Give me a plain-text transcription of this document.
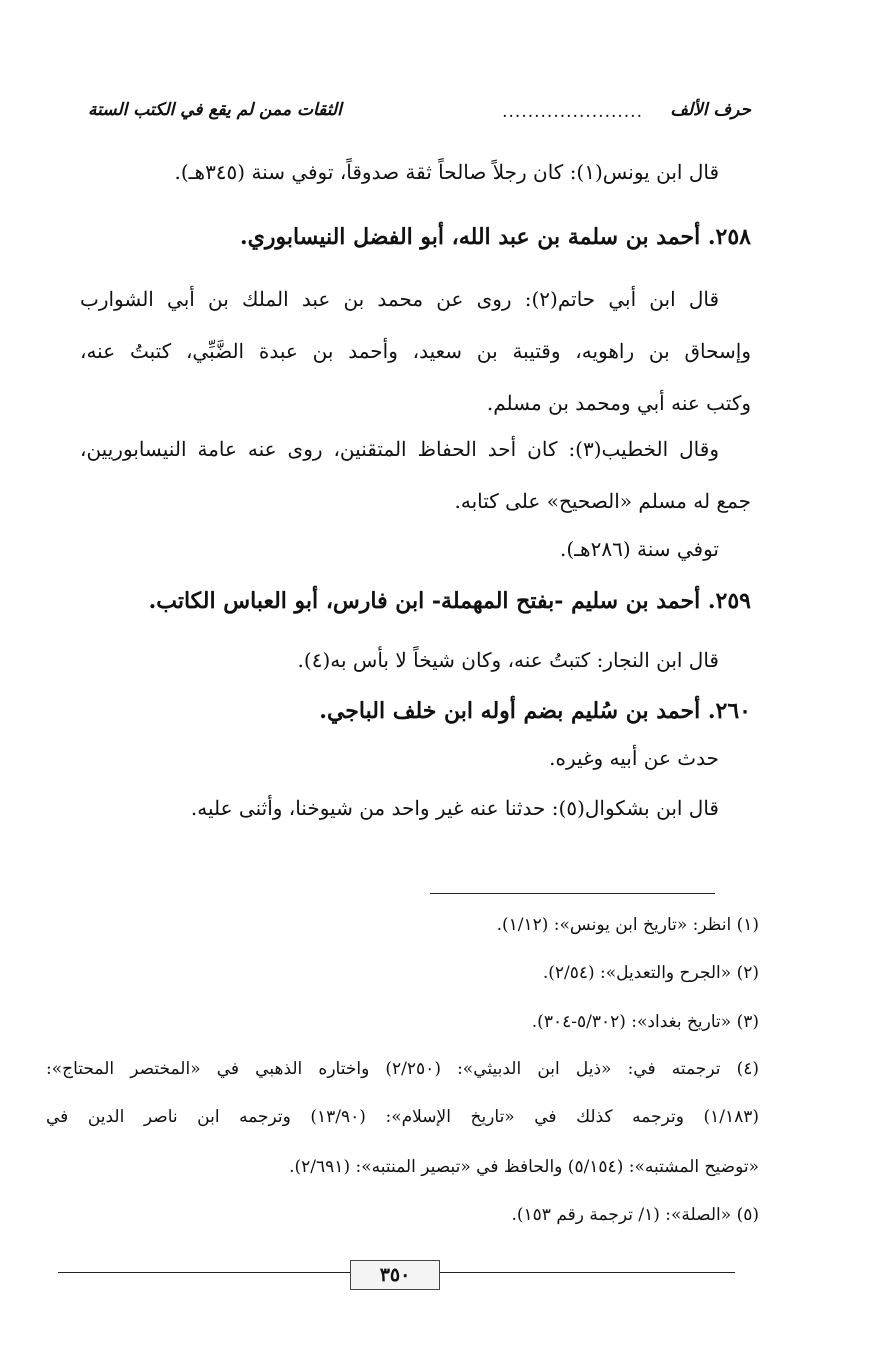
حرف الألف
......................
الثقات ممن لم يقع في الكتب الستة
قال ابن يونس(١): كان رجلاً صالحاً ثقة صدوقاً، توفي سنة (٣٤٥هـ).
٢٥٨. أحمد بن سلمة بن عبد الله، أبو الفضل النيسابوري.
قال ابن أبي حاتم(٢): روى عن محمد بن عبد الملك بن أبي الشوارب
وإسحاق بن راهويه، وقتيبة بن سعيد، وأحمد بن عبدة الضَّبِّي، كتبتُ عنه،
وكتب عنه أبي ومحمد بن مسلم.
وقال الخطيب(٣): كان أحد الحفاظ المتقنين، روى عنه عامة النيسابوريين،
جمع له مسلم «الصحيح» على كتابه.
توفي سنة (٢٨٦هـ).
٢٥٩. أحمد بن سليم -بفتح المهملة- ابن فارس، أبو العباس الكاتب.
قال ابن النجار: كتبتُ عنه، وكان شيخاً لا بأس به(٤).
٢٦٠. أحمد بن سُليم بضم أوله ابن خلف الباجي.
حدث عن أبيه وغيره.
قال ابن بشكوال(٥): حدثنا عنه غير واحد من شيوخنا، وأثنى عليه.
(١) انظر: «تاريخ ابن يونس»: (١/١٢).
(٢) «الجرح والتعديل»: (٢/٥٤).
(٣) «تاريخ بغداد»: (٥/٣٠٢-٣٠٤).
(٤) ترجمته في: «ذيل ابن الدبيثي»: (٢/٢٥٠) واختاره الذهبي في «المختصر المحتاج»:
(١/١٨٣) وترجمه كذلك في «تاريخ الإسلام»: (١٣/٩٠) وترجمه ابن ناصر الدين في
«توضيح المشتبه»: (٥/١٥٤) والحافظ في «تبصير المنتبه»: (٢/٦٩١).
(٥) «الصلة»: (١/ ترجمة رقم ١٥٣).
٣٥٠
